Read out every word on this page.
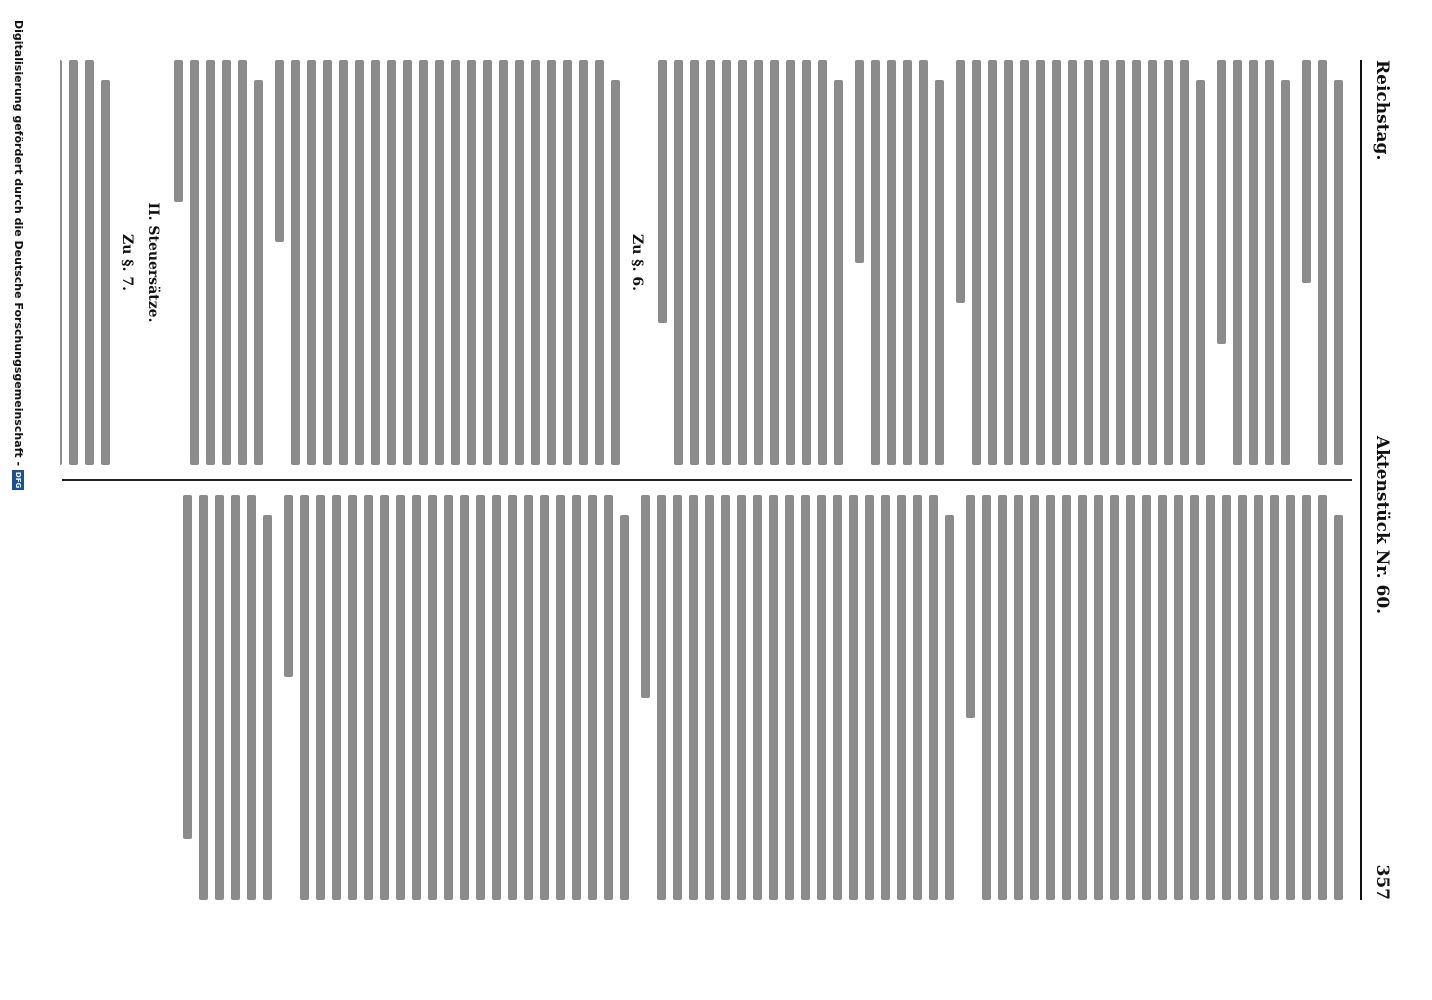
Reichstag.
Aktenstück Nr. 60.
357
Zu §. 6.
II. Steuersätze.
Zu §. 7.
Digitalisierung gefördert durch die Deutsche Forschungsgemeinschaft -
DFG
